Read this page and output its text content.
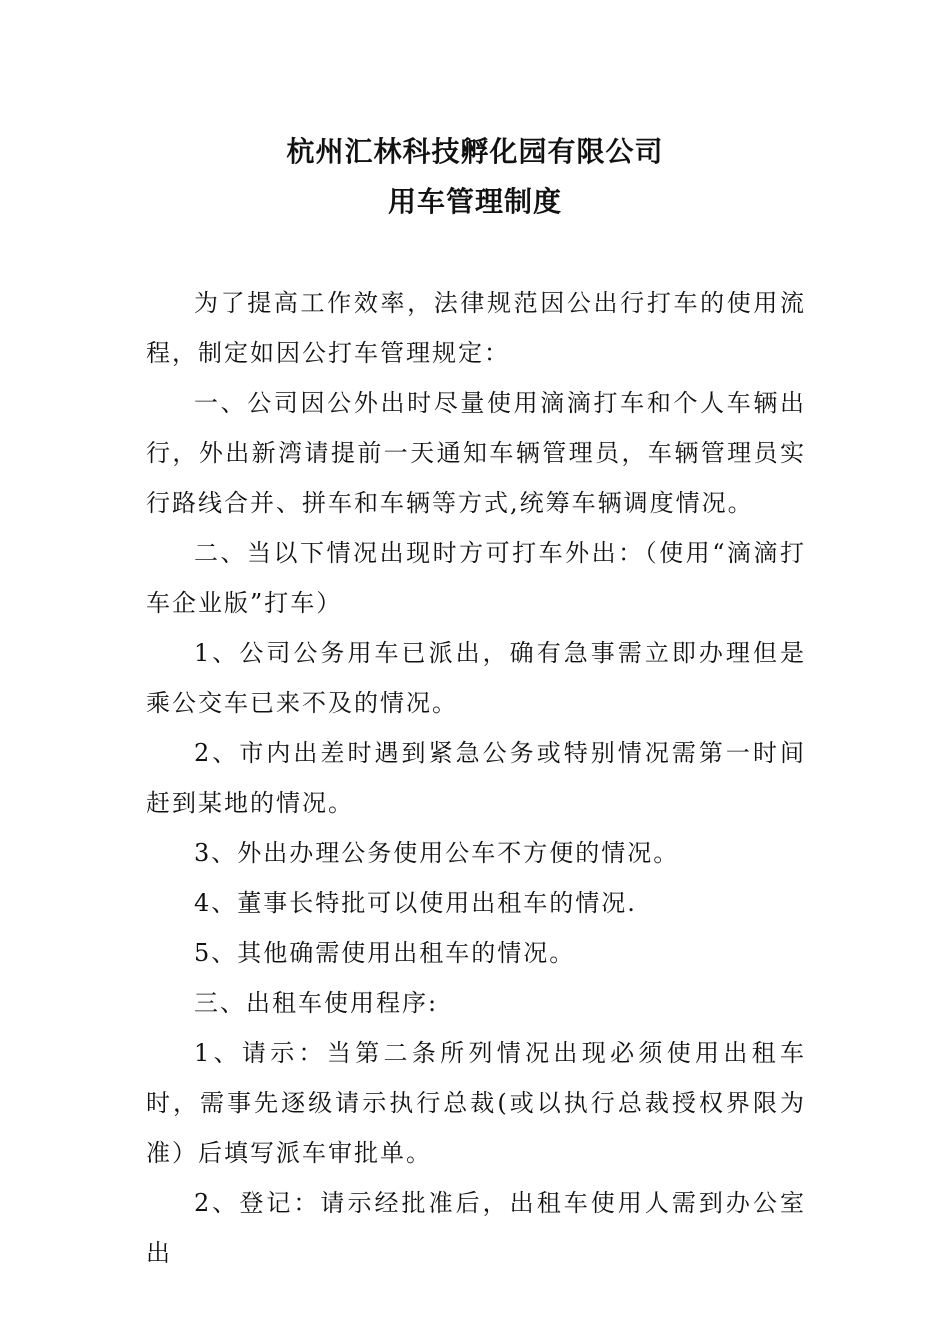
杭州汇林科技孵化园有限公司
用车管理制度

为了提高工作效率，法律规范因公出行打车的使用流程，制定如因公打车管理规定：

一、公司因公外出时尽量使用滴滴打车和个人车辆出行，外出新湾请提前一天通知车辆管理员，车辆管理员实行路线合并、拼车和车辆等方式,统筹车辆调度情况。

二、当以下情况出现时方可打车外出：（使用“滴滴打车企业版”打车）

1、公司公务用车已派出，确有急事需立即办理但是乘公交车已来不及的情况。

2、市内出差时遇到紧急公务或特别情况需第一时间赶到某地的情况。

3、外出办理公务使用公车不方便的情况。

4、董事长特批可以使用出租车的情况.

5、其他确需使用出租车的情况。

三、出租车使用程序:

1、请示：当第二条所列情况出现必须使用出租车时，需事先逐级请示执行总裁(或以执行总裁授权界限为准）后填写派车审批单。

2、登记：请示经批准后，出租车使用人需到办公室出
